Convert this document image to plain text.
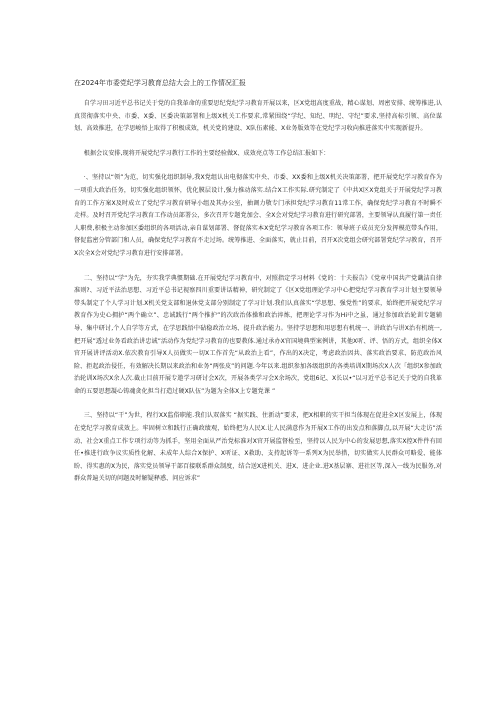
在2024年市委党纪学习教育总结大会上的工作情况汇报

自学习田习近平总书记关于党的自我革命的重要思纪党纪学习教育开展以来，区X党组高度重战，精心谋划、周密安排、统筹推进,认真贯彻落实中央、市委、X委、区委决策部署和上级X机关工作要求,常紧围绕“学纪、知纪、明纪、守纪”要求,坚持高标引领、高位谋划、高效推进，在学思峻悟上取得了积极成效，机关党的建设、X队伍素能、X业务版效等在党纪学习收向推进落实中实现新提升。

根据会议安排,现将开展党纪学习教行工作的主要经验做X、成效亮点等工作总结汇报如下：

·、坚持以“领”为范，切实强化组织制导,我X党组认出电彻落实中央、市委、XX委和上级X机关决策部署，把开展党纪学习教育作为一项重大政治任务，切实强化组织领怀，优化膜层设计,强力推动落实.结合X工作实际.研究制定了《中共X区X党组关于开展党纪学习教育的工作方案X及时成立了党纪学习教育研导小组及其办公室，抽调力敬专门承担党纪学习教育11常工作，确保党纪学习教育不时瞬不走样。及时召开党纪学习教育工作动员部署公，多次召开专题党加会、全X会对党纪学习教育进行研究部署，主要领导认真履行第一责任人职费,积极主动参加区委组织的各项活动,亲自谋划部署、督促落实本X党纪学习教育各项工作：领导班子成员充分发挥模范带头作用，督促监密分管部门和人员，确保党纪学习教育不走过场。统筹推进、全面落实，就止目前，召开X次党组会研究部署党纪学习教育，召开X次全X会对党纪学习教育进行安排部署。

二、坚持以“学”为先，夯实我学典惯期础.在开展党纪学习教育中，对照指定学习材料《党的：十夫报告》《党章中国共产党谶洁自律准则?、习近平法治思想、习近平总书记视察四川重要讲话精神，研究制定了《区X党组理论学习中心把党纪学习教育学习计划主要领导带头制定了个人学习计划.X机关党支部和退休党支部分别制定了学习计划.我们认真落实“学思想、强党性”的要求，始终把开展党纪学习教育作为史心拥护“两个确立”、忠诚践行“两个推护”的次政治体操和政治淬炼，把理论学习作为Hi中之虽，通过参加政治轮训专题辅导、集中研讨,个人自学等方式，在学思践悟中砧稳政治立场、提升政治能力。坚持学思想和用思想有机统一、讲政治与讲X治有机统一,把开展”透过业务看政治讲忠诚”活动作为党纪学习教育的也要教体.通过承办X官国境典型案例讲，其他X听、评、悟的方式，组织全体X官开展讲评活动X.依次教育引导X人员做实一切X工作首先“从政治上看”，作出的X决定，考虑政治因共、落实政治要求、防范政治风险、拒起政治侵任，有效解决长期以来政治和业务“两张皮”的问题.今年以来.组织参加各级组织的各类培训X期场次X人次「组织X参加政治轮训X场次X余人次.截止目前开展专遨学习研讨会X次，开展各类学习会X余场次，党组6记、X长以•“以习近平总书记关于党的自我革命的五要思想凝心铸魂贪化担当打造过硬X队伍”为题为全体X上专题党课 ”

三、坚持以“干”为世，程行XX监俗职能.我们认双落实 “据实践、住新动”要求，把X相职的实干担当体现在促进全X区发展上，体现在党纪学习教育成效上。牢固树立和践行正确政绩观，始终把为人民X.让人民满意作为开展X工作的出发点和落脚点,以开展“大走访”活动、社会X重点工作专项行动等为抓手，坚用全面从严治党标准对X官开展监督检至，坚持以人民为中心的发展思想,落实X控X件件有回任•推进行政争议实质性化解、未成年人综合X保护、X听证、X救助、支持起诉等一系列X为民举措，切实做实人民群众可略爱、能体盼、得实惠的X为民，落实党员领导干部百接联系群众制度，结合送X进机关、进X、进企业.进X基层寨、进社区等,深入一线为民服务,对群众普遍关切的问题及时解疑释惑、问应诉求”
